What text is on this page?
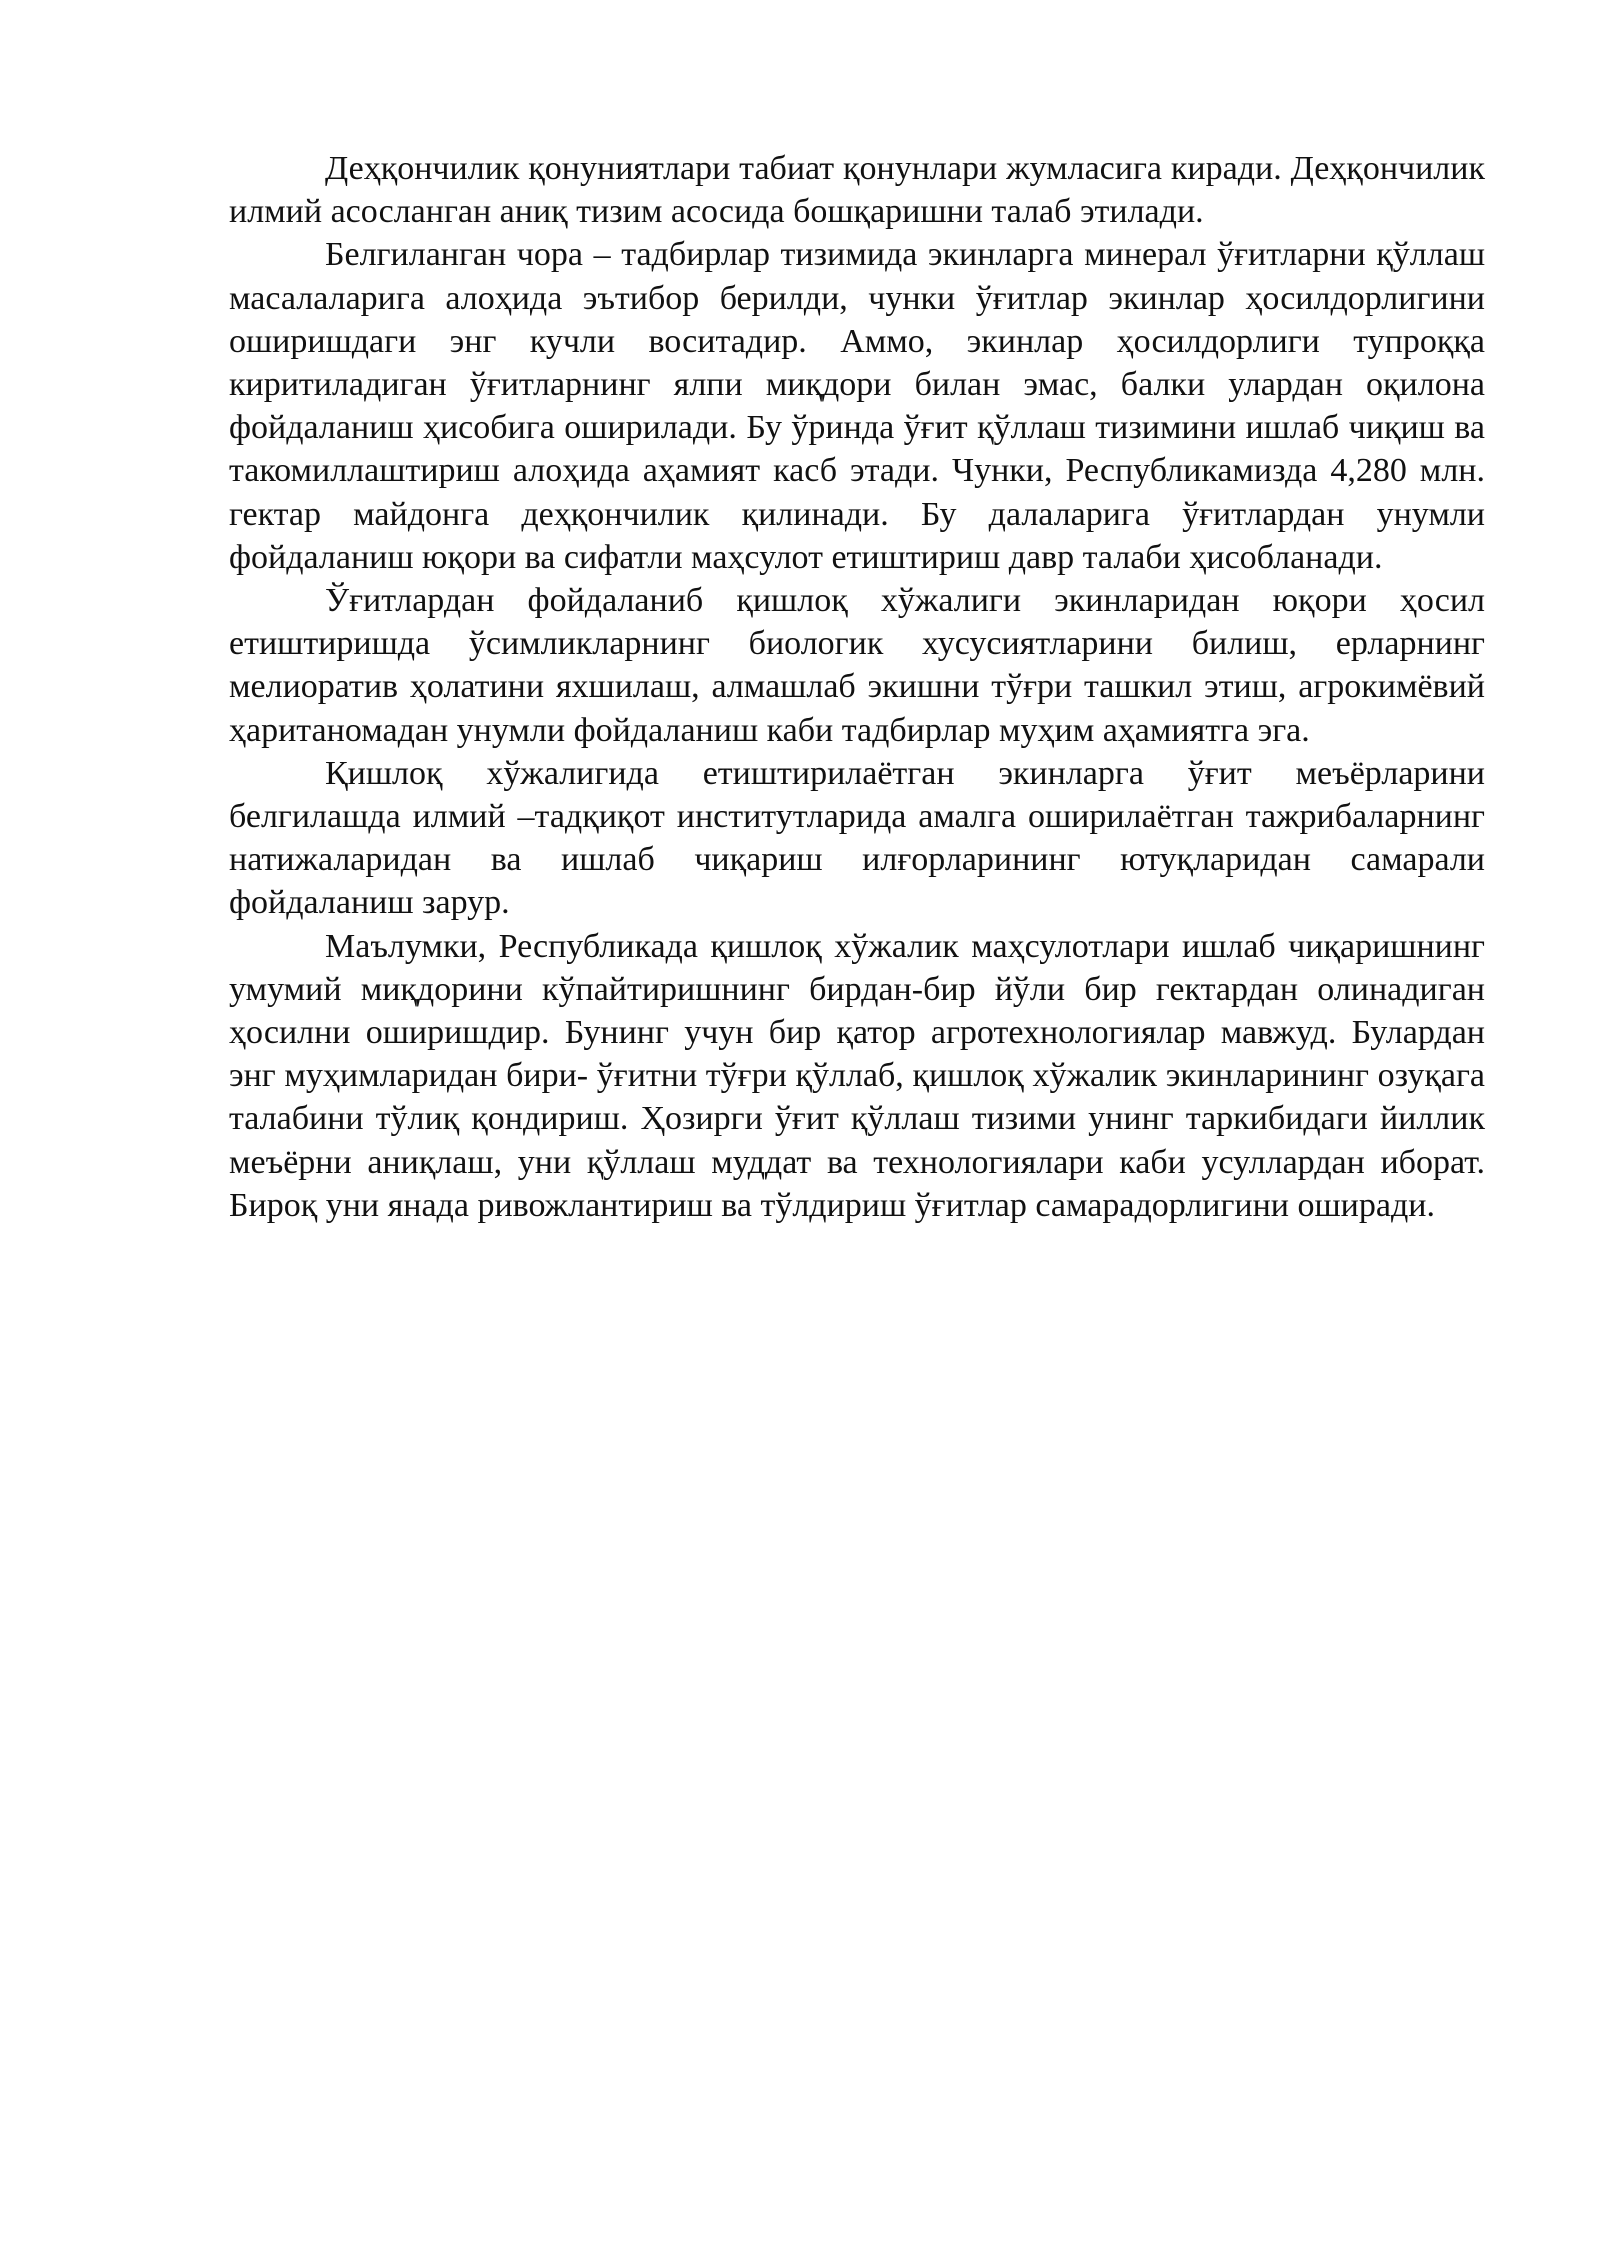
Деҳқончилик қонуниятлари табиат қонунлари жумласига киради. Деҳқончилик илмий асосланган аниқ тизим асосида бошқаришни талаб этилади.

Белгиланган чора – тадбирлар тизимида экинларга минерал ўғитларни қўллаш масалаларига алоҳида эътибор берилди, чунки ўғитлар экинлар ҳосилдорлигини оширишдаги энг кучли воситадир. Аммо, экинлар ҳосилдорлиги тупроққа киритиладиган ўғитларнинг ялпи миқдори билан эмас, балки улардан оқилона фойдаланиш ҳисобига оширилади. Бу ўринда ўғит қўллаш тизимини ишлаб чиқиш ва такомиллаштириш алоҳида аҳамият касб этади. Чунки, Республикамизда 4,280 млн. гектар майдонга деҳқончилик қилинади. Бу далаларига ўғитлардан унумли фойдаланиш юқори ва сифатли маҳсулот етиштириш давр талаби ҳисобланади.

Ўғитлардан фойдаланиб қишлоқ хўжалиги экинларидан юқори ҳосил етиштиришда ўсимликларнинг биологик хусусиятларини билиш, ерларнинг мелиоратив ҳолатини яхшилаш, алмашлаб экишни тўғри ташкил этиш, агрокимёвий ҳаританомадан унумли фойдаланиш каби тадбирлар муҳим аҳамиятга эга.

Қишлоқ хўжалигида етиштирилаётган экинларга ўғит меъёрларини белгилашда илмий –тадқиқот институтларида амалга оширилаётган тажрибаларнинг натижаларидан ва ишлаб чиқариш илғорларининг ютуқларидан самарали фойдаланиш зарур.

Маълумки, Республикада қишлоқ хўжалик маҳсулотлари ишлаб чиқаришнинг умумий миқдорини кўпайтиришнинг бирдан-бир йўли бир гектардан олинадиган ҳосилни оширишдир. Бунинг учун бир қатор агротехнологиялар мавжуд. Булардан энг муҳимларидан бири- ўғитни тўғри қўллаб, қишлоқ хўжалик экинларининг озуқага талабини тўлиқ қондириш. Ҳозирги ўғит қўллаш тизими унинг таркибидаги йиллик меъёрни аниқлаш, уни қўллаш муддат ва технологиялари каби усуллардан иборат. Бироқ уни янада ривожлантириш ва тўлдириш ўғитлар самарадорлигини оширади.
